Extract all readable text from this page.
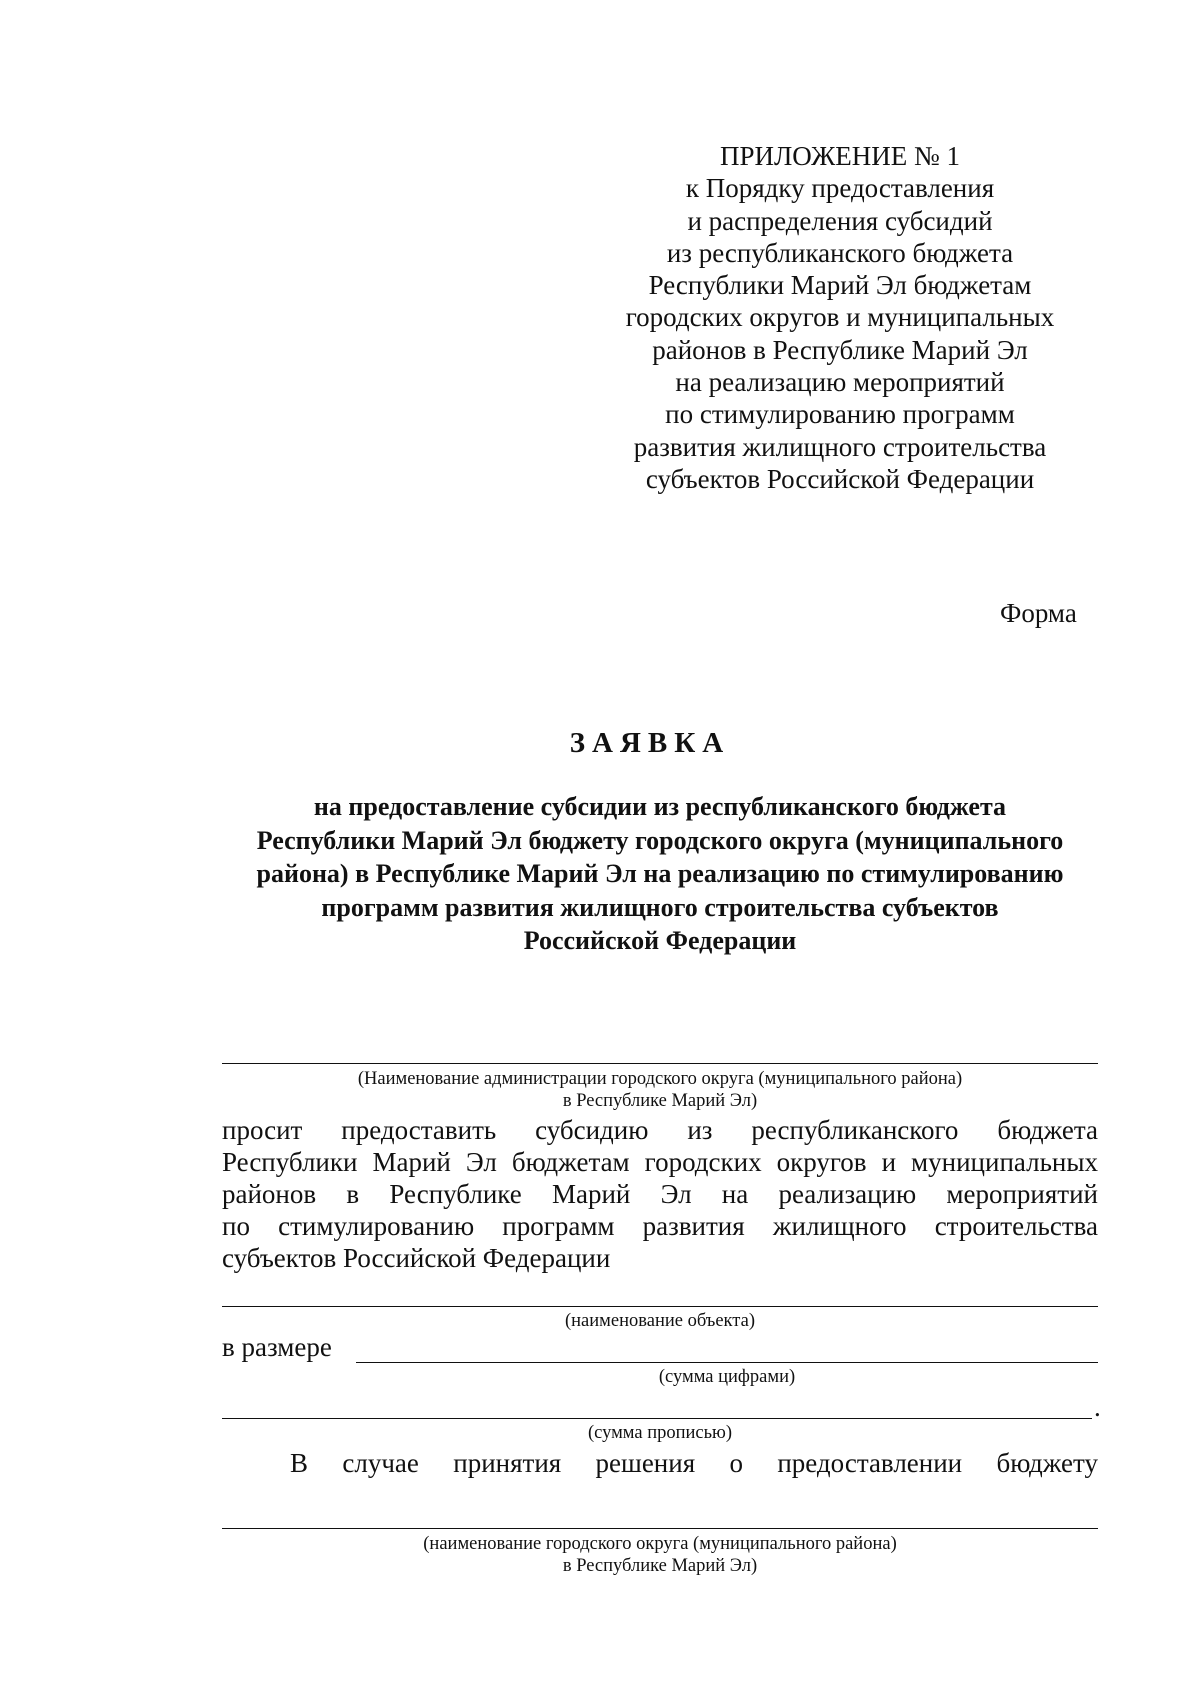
ПРИЛОЖЕНИЕ № 1
к Порядку предоставления
и распределения субсидий
из республиканского бюджета
Республики Марий Эл бюджетам
городских округов и муниципальных
районов в Республике Марий Эл
на реализацию мероприятий
по стимулированию программ
развития жилищного строительства
субъектов Российской Федерации
Форма
ЗАЯВКА
на предоставление субсидии из республиканского бюджета
Республики Марий Эл бюджету городского округа (муниципального
района) в Республике Марий Эл на реализацию по стимулированию
программ развития жилищного строительства субъектов
Российской Федерации
(Наименование администрации городского округа (муниципального района)
в Республике Марий Эл)
просит предоставить субсидию из республиканского бюджета
Республики Марий Эл бюджетам городских округов и муниципальных
районов в Республике Марий Эл на реализацию мероприятий
по стимулированию программ развития жилищного строительства
субъектов Российской Федерации
(наименование объекта)
в размере
(сумма цифрами)
.
(сумма прописью)
В случае принятия решения о предоставлении бюджету
(наименование городского округа (муниципального района)
в Республике Марий Эл)
